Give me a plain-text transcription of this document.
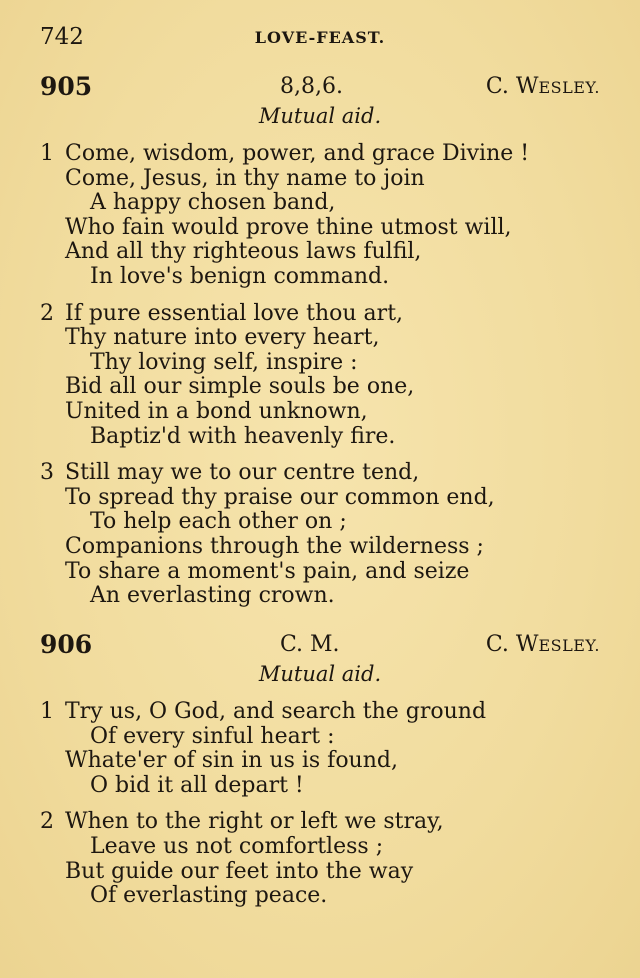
742	LOVE-FEAST.
905	8,8,6.	C. WESLEY.
Mutual aid.
1 Come, wisdom, power, and grace Divine !
Come, Jesus, in thy name to join
A happy chosen band,
Who fain would prove thine utmost will,
And all thy righteous laws fulfil,
In love's benign command.
2 If pure essential love thou art,
Thy nature into every heart,
Thy loving self, inspire :
Bid all our simple souls be one,
United in a bond unknown,
Baptiz'd with heavenly fire.
3 Still may we to our centre tend,
To spread thy praise our common end,
To help each other on ;
Companions through the wilderness ;
To share a moment's pain, and seize
An everlasting crown.
906	C. M.	C. WESLEY.
Mutual aid.
1 Try us, O God, and search the ground
Of every sinful heart :
Whate'er of sin in us is found,
O bid it all depart !
2 When to the right or left we stray,
Leave us not comfortless ;
But guide our feet into the way
Of everlasting peace.
